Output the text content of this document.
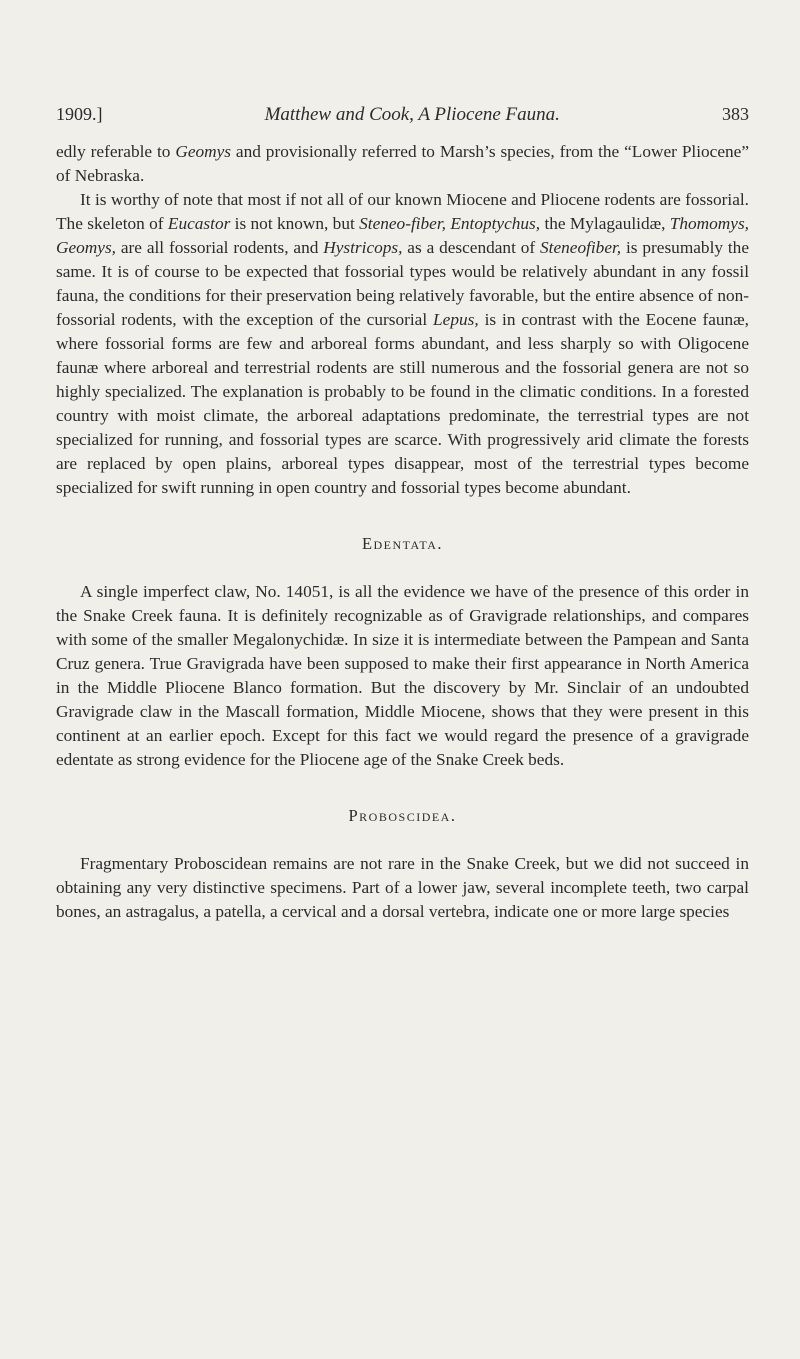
1909.]	Matthew and Cook, A Pliocene Fauna.	383

edly referable to Geomys and provisionally referred to Marsh’s species, from the “Lower Pliocene” of Nebraska.

It is worthy of note that most if not all of our known Miocene and Pliocene rodents are fossorial. The skeleton of Eucastor is not known, but Steneo-fiber, Entoptychus, the Mylagaulidæ, Thomomys, Geomys, are all fossorial rodents, and Hystricops, as a descendant of Steneofiber, is presumably the same. It is of course to be expected that fossorial types would be relatively abundant in any fossil fauna, the conditions for their preservation being relatively favorable, but the entire absence of non-fossorial rodents, with the exception of the cursorial Lepus, is in contrast with the Eocene faunæ, where fossorial forms are few and arboreal forms abundant, and less sharply so with Oligocene faunæ where arboreal and terrestrial rodents are still numerous and the fossorial genera are not so highly specialized. The explanation is probably to be found in the climatic conditions. In a forested country with moist climate, the arboreal adaptations predominate, the terrestrial types are not specialized for running, and fossorial types are scarce. With progressively arid climate the forests are replaced by open plains, arboreal types disappear, most of the terrestrial types become specialized for swift running in open country and fossorial types become abundant.

Edentata.

A single imperfect claw, No. 14051, is all the evidence we have of the presence of this order in the Snake Creek fauna. It is definitely recognizable as of Gravigrade relationships, and compares with some of the smaller Megalonychidæ. In size it is intermediate between the Pampean and Santa Cruz genera. True Gravigrada have been supposed to make their first appearance in North America in the Middle Pliocene Blanco formation. But the discovery by Mr. Sinclair of an undoubted Gravigrade claw in the Mascall formation, Middle Miocene, shows that they were present in this continent at an earlier epoch. Except for this fact we would regard the presence of a gravigrade edentate as strong evidence for the Pliocene age of the Snake Creek beds.

Proboscidea.

Fragmentary Proboscidean remains are not rare in the Snake Creek, but we did not succeed in obtaining any very distinctive specimens. Part of a lower jaw, several incomplete teeth, two carpal bones, an astragalus, a patella, a cervical and a dorsal vertebra, indicate one or more large species
